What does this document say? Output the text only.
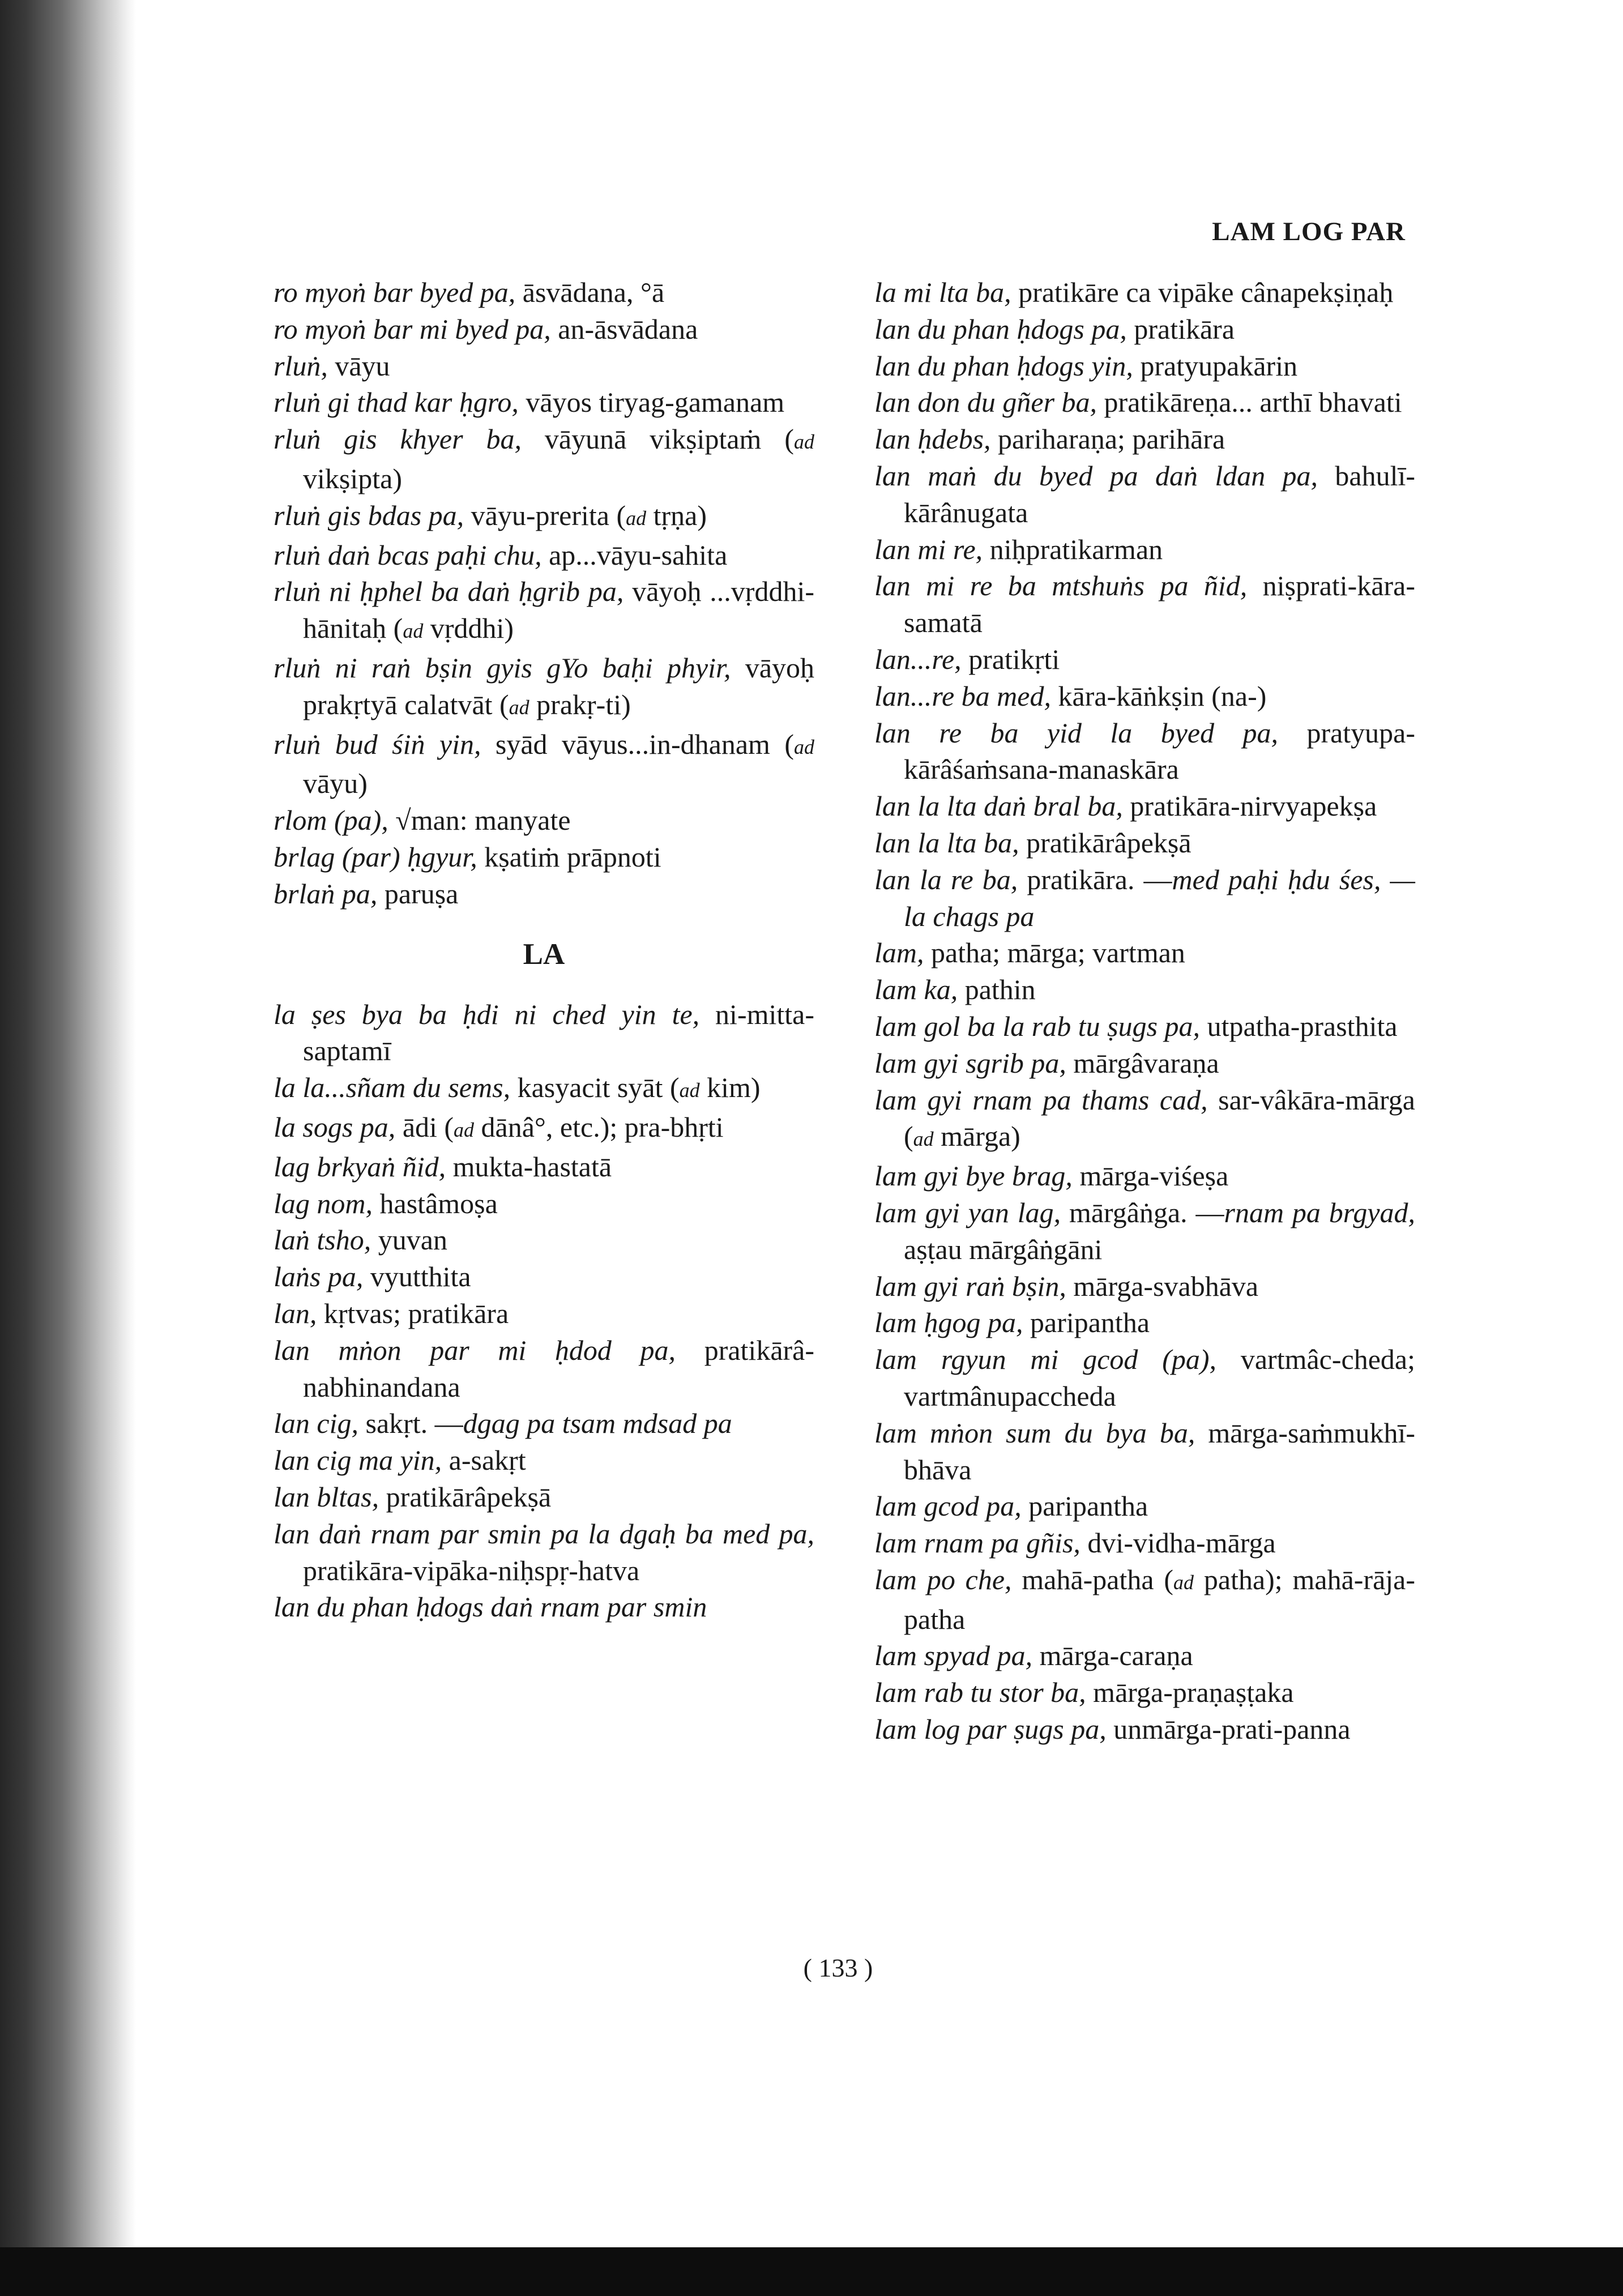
LAM LOG PAR

ro myoṅ bar byed pa, āsvādana, °ā

ro myoṅ bar mi byed pa, an-āsvādana

rluṅ, vāyu

rluṅ gi thad kar ḥgro, vāyos tiryag-gamanam

rluṅ gis khyer ba, vāyunā vikṣiptaṁ (ad vikṣipta)

rluṅ gis bdas pa, vāyu-prerita (ad tṛṇa)

rluṅ daṅ bcas paḥi chu, ap...vāyu-sahita

rluṅ ni ḥphel ba daṅ ḥgrib pa, vāyoḥ ...vṛddhi-hānitaḥ (ad vṛddhi)

rluṅ ni raṅ bṣin gyis gYo baḥi phyir, vāyoḥ prakṛtyā calatvāt (ad prakṛ-ti)

rluṅ bud śiṅ yin, syād vāyus...in-dhanam (ad vāyu)

rlom (pa), √man: manyate

brlag (par) ḥgyur, kṣatiṁ prāpnoti

brlaṅ pa, paruṣa

LA

la ṣes bya ba ḥdi ni ched yin te, ni-mitta-saptamī

la la...sñam du sems, kasyacit syāt (ad kim)

la sogs pa, ādi (ad dānâ°, etc.); pra-bhṛti

lag brkyaṅ ñid, mukta-hastatā

lag nom, hastâmoṣa

laṅ tsho, yuvan

laṅs pa, vyutthita

lan, kṛtvas; pratikāra

lan mṅon par mi ḥdod pa, pratikārâ-nabhinandana

lan cig, sakṛt. —dgag pa tsam mdsad pa

lan cig ma yin, a-sakṛt

lan bltas, pratikārâpekṣā

lan daṅ rnam par smin pa la dgaḥ ba med pa, pratikāra-vipāka-niḥspṛ-hatva

lan du phan ḥdogs daṅ rnam par smin

la mi lta ba, pratikāre ca vipāke cânapekṣiṇaḥ

lan du phan ḥdogs pa, pratikāra

lan du phan ḥdogs yin, pratyupakārin

lan don du gñer ba, pratikāreṇa... arthī bhavati

lan ḥdebs, pariharaṇa; parihāra

lan maṅ du byed pa daṅ ldan pa, bahulī-kārânugata

lan mi re, niḥpratikarman

lan mi re ba mtshuṅs pa ñid, niṣprati-kāra-samatā

lan...re, pratikṛti

lan...re ba med, kāra-kāṅkṣin (na-)

lan re ba yid la byed pa, pratyupa-kārâśaṁsana-manaskāra

lan la lta daṅ bral ba, pratikāra-nirvyapekṣa

lan la lta ba, pratikārâpekṣā

lan la re ba, pratikāra. —med paḥi ḥdu śes, —la chags pa

lam, patha; mārga; vartman

lam ka, pathin

lam gol ba la rab tu ṣugs pa, utpatha-prasthita

lam gyi sgrib pa, mārgâvaraṇa

lam gyi rnam pa thams cad, sar-vâkāra-mārga (ad mārga)

lam gyi bye brag, mārga-viśeṣa

lam gyi yan lag, mārgâṅga. —rnam pa brgyad, aṣṭau mārgâṅgāni

lam gyi raṅ bṣin, mārga-svabhāva

lam ḥgog pa, paripantha

lam rgyun mi gcod (pa), vartmâc-cheda; vartmânupaccheda

lam mṅon sum du bya ba, mārga-saṁmukhī-bhāva

lam gcod pa, paripantha

lam rnam pa gñis, dvi-vidha-mārga

lam po che, mahā-patha (ad patha); mahā-rāja-patha

lam spyad pa, mārga-caraṇa

lam rab tu stor ba, mārga-praṇaṣṭaka

lam log par ṣugs pa, unmārga-prati-panna

( 133 )
